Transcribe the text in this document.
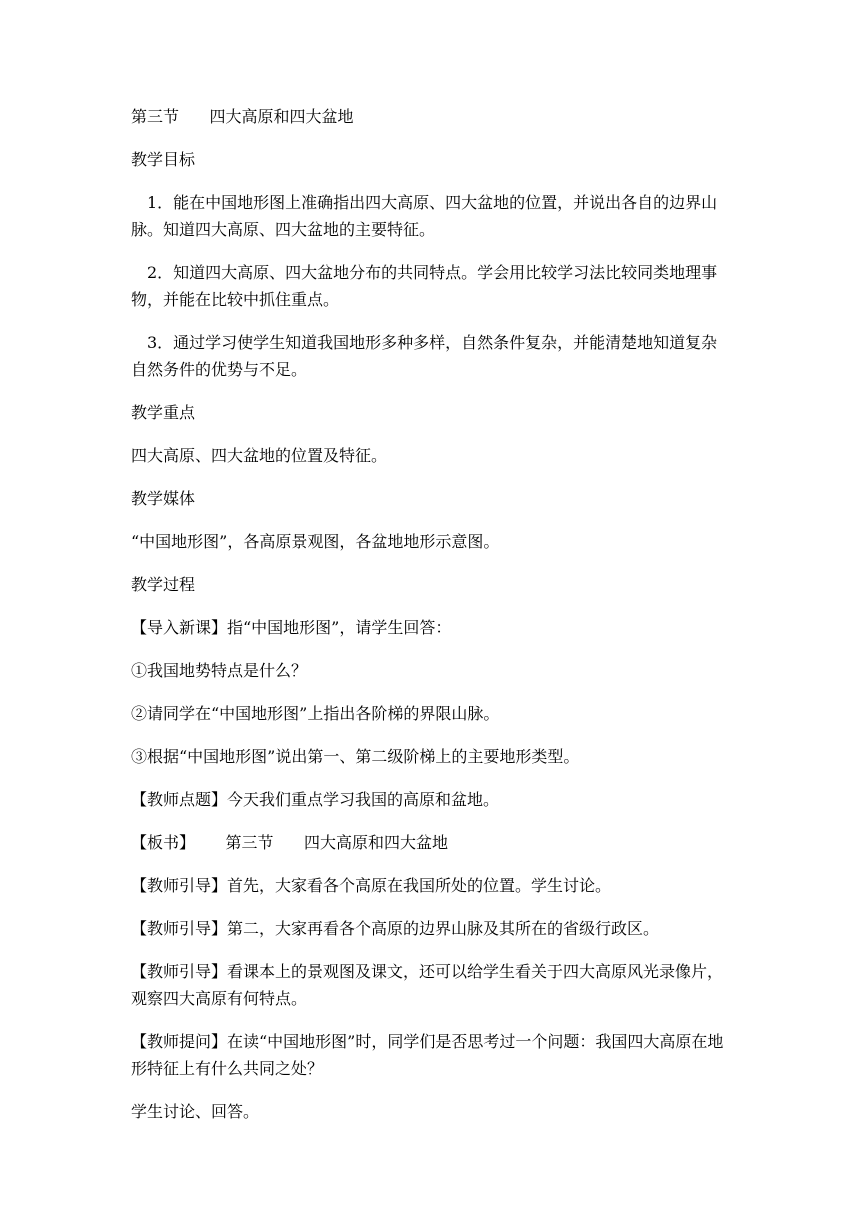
第三节      四大高原和四大盆地

教学目标

1．能在中国地形图上准确指出四大高原、四大盆地的位置，并说出各自的边界山脉。知道四大高原、四大盆地的主要特征。

2．知道四大高原、四大盆地分布的共同特点。学会用比较学习法比较同类地理事物，并能在比较中抓住重点。

3．通过学习使学生知道我国地形多种多样，自然条件复杂，并能清楚地知道复杂自然务件的优势与不足。

教学重点

四大高原、四大盆地的位置及特征。

教学媒体

“中国地形图”，各高原景观图，各盆地地形示意图。

教学过程

【导入新课】指“中国地形图”，请学生回答：

①我国地势特点是什么？

②请同学在“中国地形图”上指出各阶梯的界限山脉。

③根据“中国地形图”说出第一、第二级阶梯上的主要地形类型。

【教师点题】今天我们重点学习我国的高原和盆地。

【板书】      第三节      四大高原和四大盆地

【教师引导】首先，大家看各个高原在我国所处的位置。学生讨论。

【教师引导】第二，大家再看各个高原的边界山脉及其所在的省级行政区。

【教师引导】看课本上的景观图及课文，还可以给学生看关于四大高原风光录像片，观察四大高原有何特点。

【教师提问】在读“中国地形图”时，同学们是否思考过一个问题：我国四大高原在地形特征上有什么共同之处？

学生讨论、回答。
